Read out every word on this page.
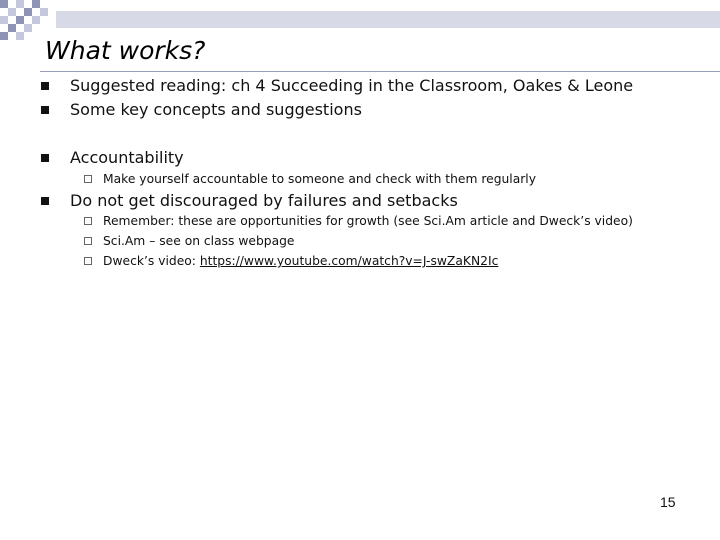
What works?
Suggested reading: ch 4 Succeeding in the Classroom, Oakes & Leone
Some key concepts and suggestions
Accountability
Make yourself accountable to someone and check with them regularly
Do not get discouraged by failures and setbacks
Remember: these are opportunities for growth (see Sci.Am article and Dweck’s video)
Sci.Am – see on class webpage
Dweck’s video: https://www.youtube.com/watch?v=J-swZaKN2Ic
15
